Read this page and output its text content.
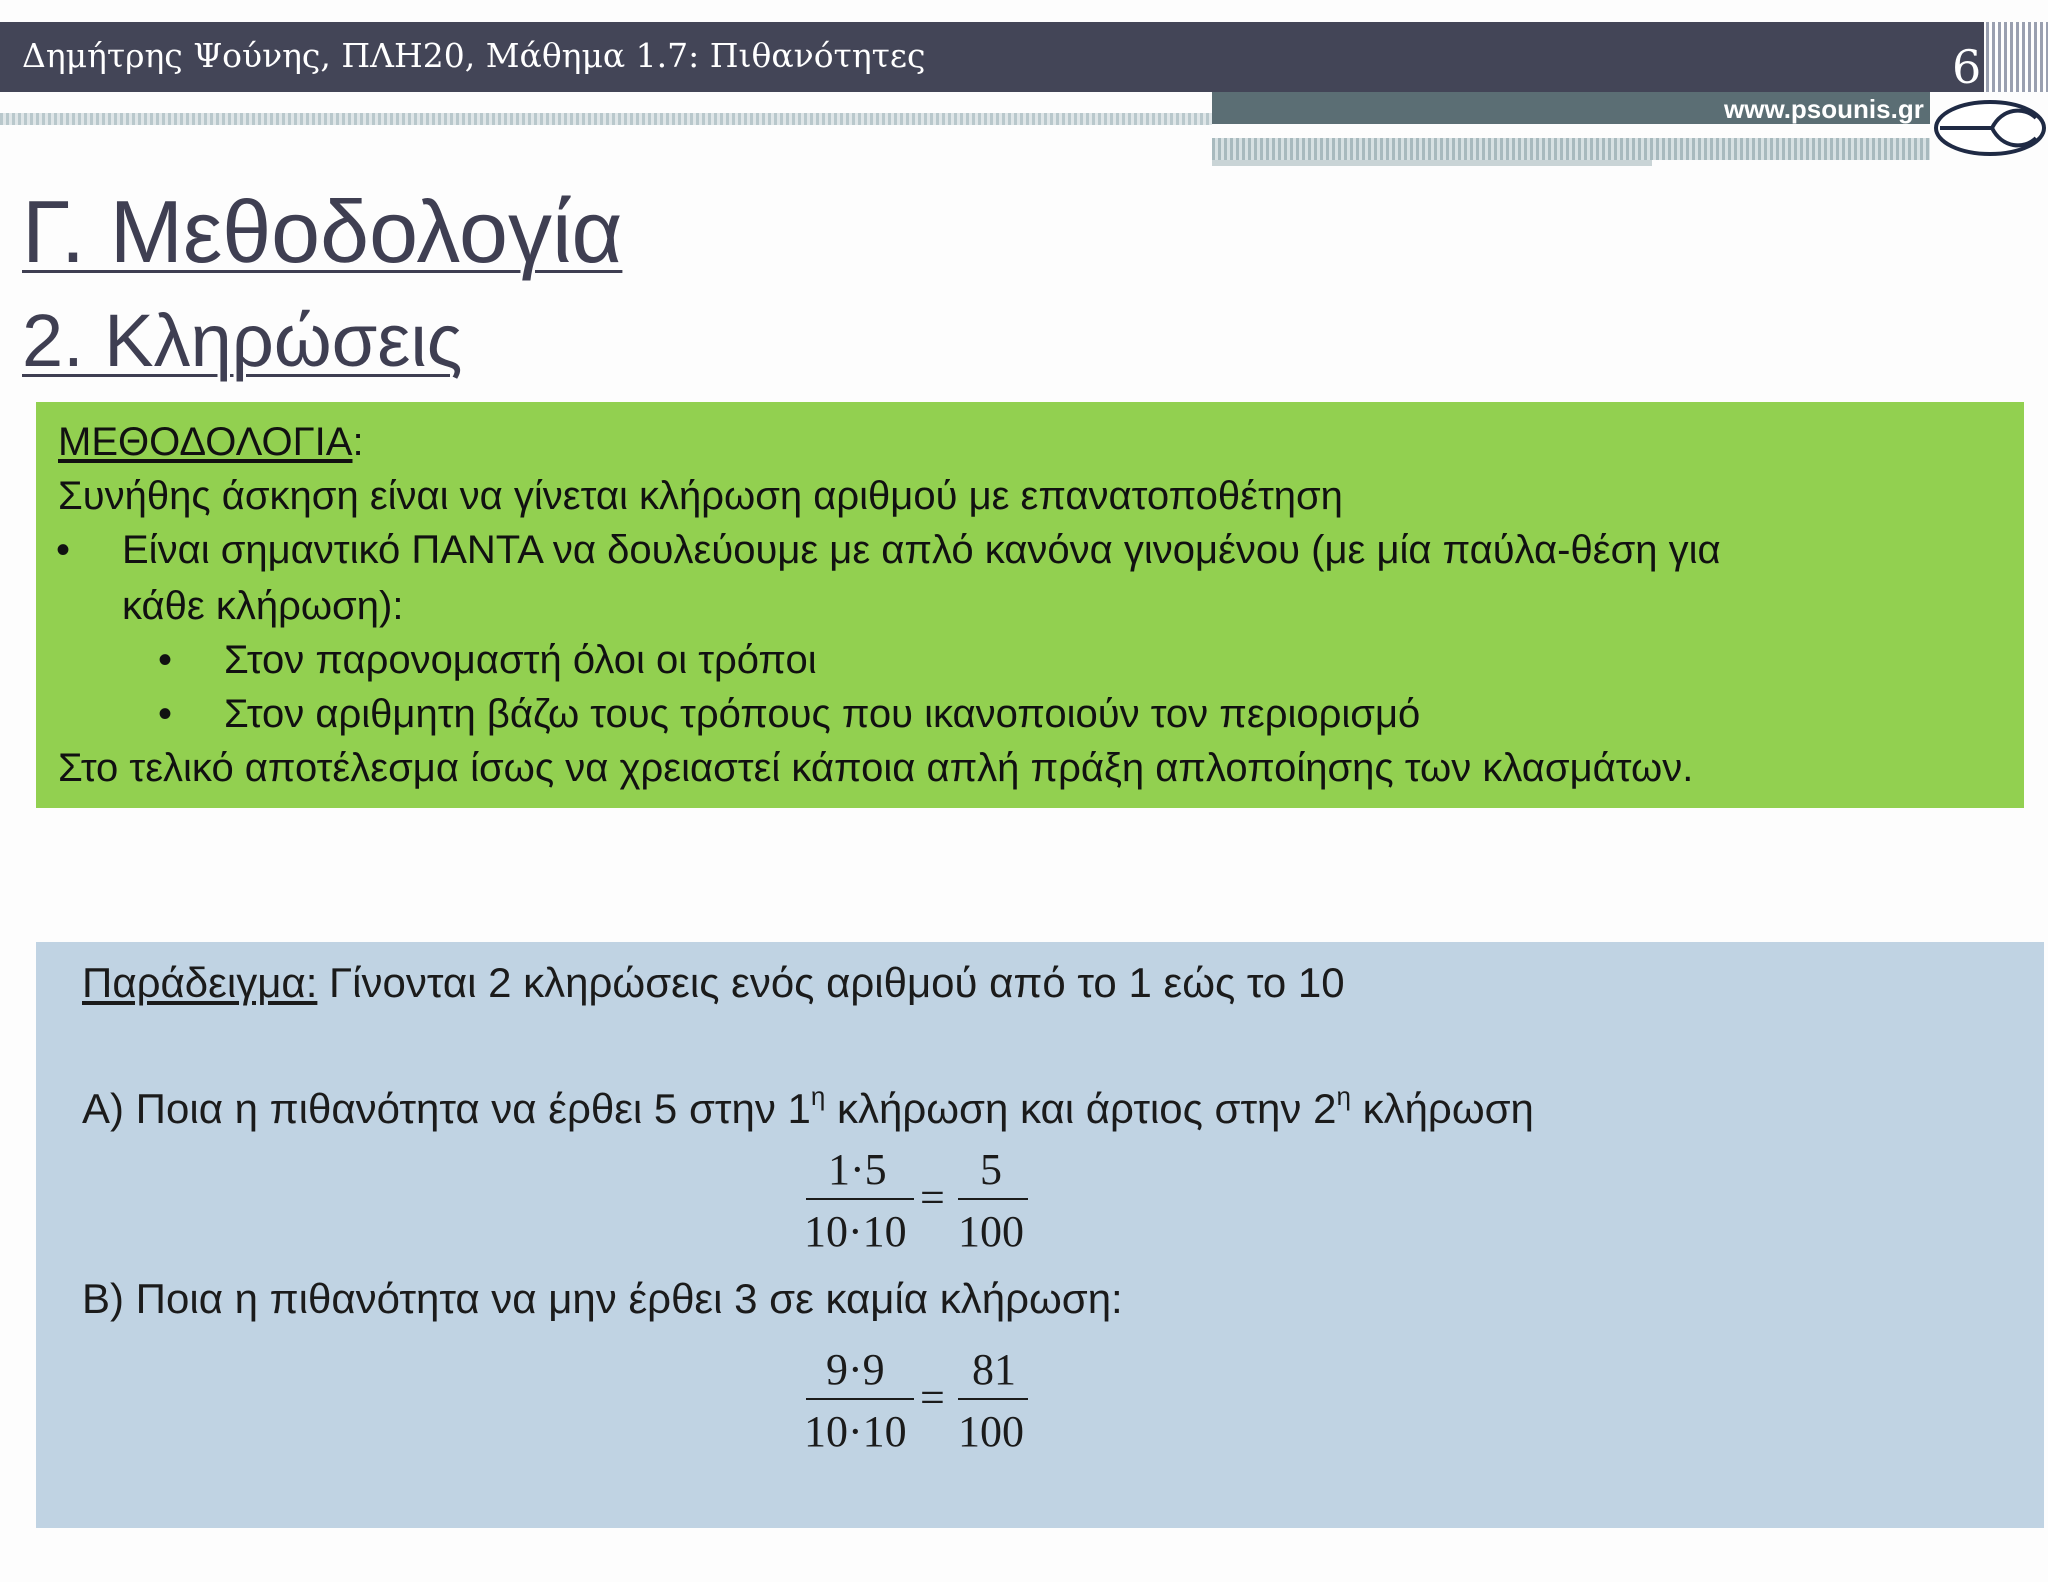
Δημήτρης Ψούνης, ΠΛΗ20, Μάθημα 1.7: Πιθανότητες	6
www.psounis.gr
Γ. Μεθοδολογία
2. Κληρώσεις
ΜΕΘΟΔΟΛΟΓΙΑ:
Συνήθης άσκηση είναι να γίνεται κλήρωση αριθμού με επανατοποθέτηση
• Είναι σημαντικό ΠΑΝΤΑ να δουλεύουμε με απλό κανόνα γινομένου (με μία παύλα-θέση για
κάθε κλήρωση):
• Στον παρονομαστή όλοι οι τρόποι
• Στον αριθμητη βάζω τους τρόπους που ικανοποιούν τον περιορισμό
Στο τελικό αποτέλεσμα ίσως να χρειαστεί κάποια απλή πράξη απλοποίησης των κλασμάτων.
Παράδειγμα: Γίνονται 2 κληρώσεις ενός αριθμού από το 1 εώς το 10
Α) Ποια η πιθανότητα να έρθει 5 στην $1^\eta$ κλήρωση και άρτιος στην $2^\eta$ κλήρωση
1·5
10·10
=
5
100
Β) Ποια η πιθανότητα να μην έρθει 3 σε καμία κλήρωση:
9·9
10·10
=
81
100
